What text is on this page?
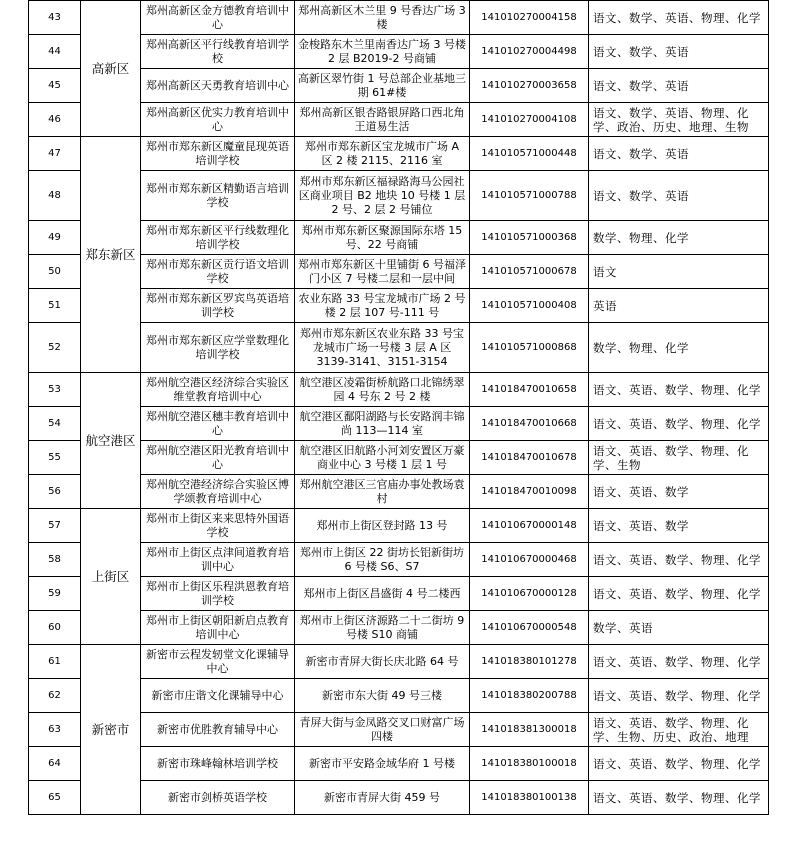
43	高新区	郑州高新区金方德教育培训中心	郑州高新区木兰里 9 号香达广场 3 楼	141010270004158	语文、数学、英语、物理、化学
44		郑州高新区平行线教育培训学校	金梭路东木兰里南香达广场 3 号楼 2 层 B2019-2 号商铺	141010270004498	语文、数学、英语
45		郑州高新区天勇教育培训中心	高新区翠竹街 1 号总部企业基地三期 61#楼	141010270003658	语文、数学、英语
46		郑州高新区优实力教育培训中心	郑州高新区银杏路银屏路口西北角王道易生活	141010270004108	语文、数学、英语、物理、化学、政治、历史、地理、生物
47	郑东新区	郑州市郑东新区魔童昆现英语培训学校	郑州市郑东新区宝龙城市广场 A 区 2 楼 2115、2116 室	141010571000448	语文、数学、英语
48		郑州市郑东新区精勤语言培训学校	郑州市郑东新区福禄路海马公园社区商业项目 B2 地块 10 号楼 1 层 2 号、2 层 2 号铺位	141010571000788	语文、数学、英语
49		郑州市郑东新区平行线数理化培训学校	郑州市郑东新区聚源国际东塔 15 号、22 号商铺	141010571000368	数学、物理、化学
50		郑州市郑东新区贡行语文培训学校	郑州市郑东新区十里铺街 6 号福泽门小区 7 号楼二层和一层中间	141010571000678	语文
51		郑州市郑东新区罗宾鸟英语培训学校	农业东路 33 号宝龙城市广场 2 号楼 2 层 107 号-111 号	141010571000408	英语
52		郑州市郑东新区应学堂数理化培训学校	郑州市郑东新区农业东路 33 号宝龙城市广场一号楼 3 层 A 区 3139-3141、3151-3154	141010571000868	数学、物理、化学
53	航空港区	郑州航空港区经济综合实验区维堂教育培训中心	航空港区凌霜街桥航路口北锦绣翠园 4 号东 2 号 2 楼	141018470010658	语文、英语、数学、物理、化学
54		郑州航空港区穗丰教育培训中心	航空港区鄱阳湖路与长安路润丰锦尚 113—114 室	141018470010668	语文、英语、数学、物理、化学
55		郑州航空港区阳光教育培训中心	航空港区旧航路小河刘安置区万豪商业中心 3 号楼 1 层 1 号	141018470010678	语文、英语、数学、物理、化学、生物
56		郑州航空港经济综合实验区博学颂教育培训中心	郑州航空港区三官庙办事处教场袁村	141018470010098	语文、英语、数学
57	上街区	郑州市上街区来来思特外国语学校	郑州市上街区登封路 13 号	141010670000148	语文、英语、数学
58		郑州市上街区点津间道教育培训中心	郑州市上街区 22 街坊长铝新街坊 6 号楼 S6、S7	141010670000468	语文、英语、数学、物理、化学
59		郑州市上街区乐程洪恩教育培训学校	郑州市上街区昌盛街 4 号二楼西	141010670000128	语文、英语、数学、物理、化学
60		郑州市上街区朝阳新启点教育培训中心	郑州市上街区济源路二十二街坊 9 号楼 S10 商铺	141010670000548	数学、英语
61	新密市	新密市云程发轫堂文化课辅导中心	新密市青屏大街长庆北路 64 号	141018380101278	语文、英语、数学、物理、化学
62		新密市庄谐文化课辅导中心	新密市东大街 49 号三楼	141018380200788	语文、英语、数学、物理、化学
63		新密市优胜教育辅导中心	青屏大街与金凤路交叉口财富广场四楼	141018381300018	语文、英语、数学、物理、化学、生物、历史、政治、地理
64		新密市珠峰翰林培训学校	新密市平安路金域华府 1 号楼	141018380100018	语文、英语、数学、物理、化学
65		新密市剑桥英语学校	新密市青屏大街 459 号	141018380100138	语文、英语、数学、物理、化学
